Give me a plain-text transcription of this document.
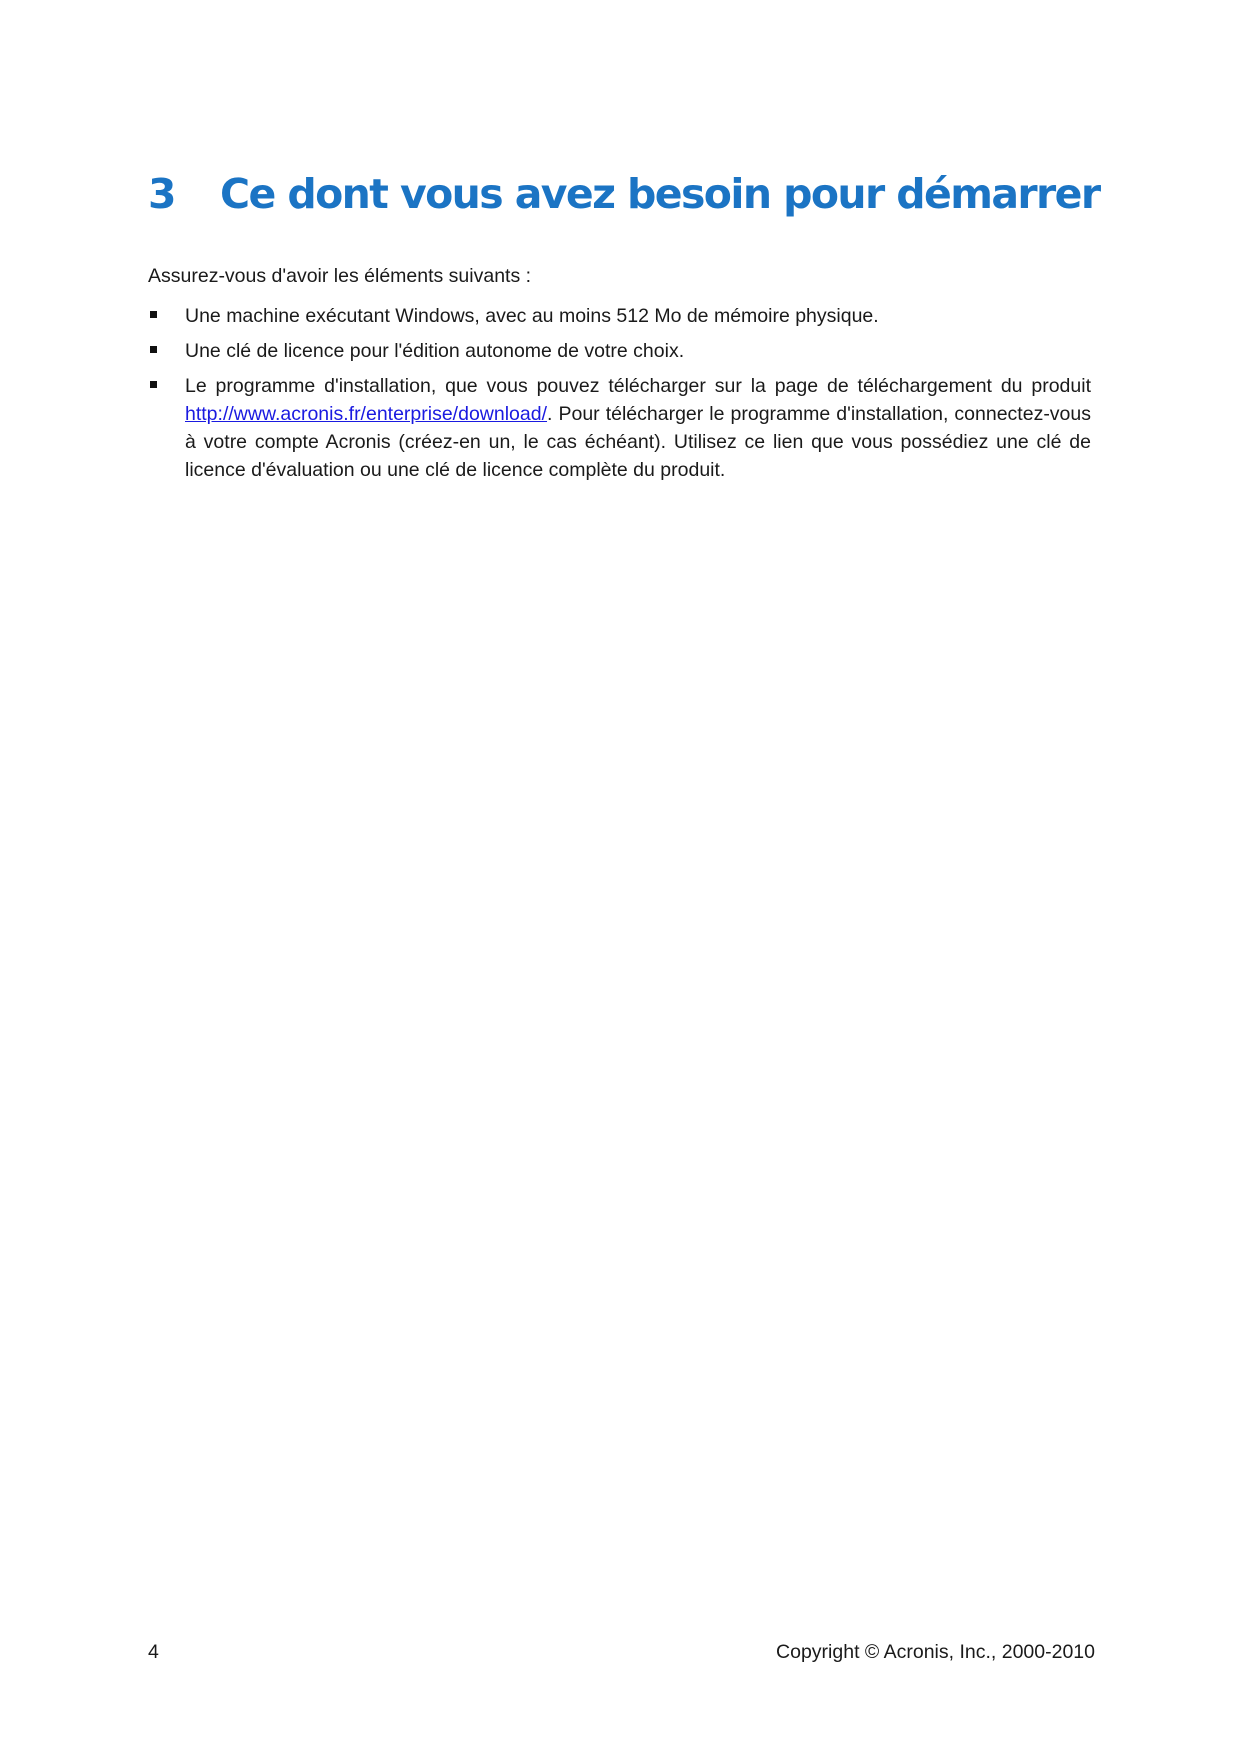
3 Ce dont vous avez besoin pour démarrer

Assurez-vous d'avoir les éléments suivants :

Une machine exécutant Windows, avec au moins 512 Mo de mémoire physique.
Une clé de licence pour l'édition autonome de votre choix.
Le programme d'installation, que vous pouvez télécharger sur la page de téléchargement du produit http://www.acronis.fr/enterprise/download/. Pour télécharger le programme d'installation, connectez-vous à votre compte Acronis (créez-en un, le cas échéant). Utilisez ce lien que vous possédiez une clé de licence d'évaluation ou une clé de licence complète du produit.
4	Copyright © Acronis, Inc., 2000-2010
